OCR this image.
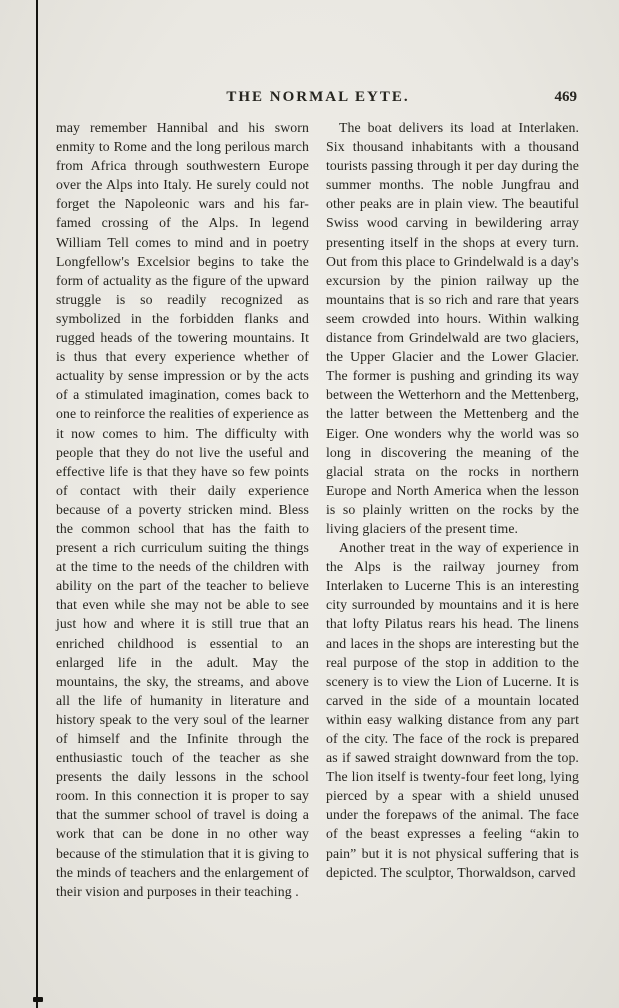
THE NORMAL EYTE.	469

may remember Hannibal and his sworn enmity to Rome and the long perilous march from Africa through southwestern Europe over the Alps into Italy. He surely could not forget the Napoleonic wars and his far-famed crossing of the Alps. In legend William Tell comes to mind and in poetry Longfellow's Excelsior begins to take the form of actuality as the figure of the upward struggle is so readily recognized as symbolized in the forbidden flanks and rugged heads of the towering mountains. It is thus that every experience whether of actuality by sense impression or by the acts of a stimulated imagination, comes back to one to reinforce the realities of experience as it now comes to him. The difficulty with people that they do not live the useful and effective life is that they have so few points of contact with their daily experience because of a poverty stricken mind. Bless the common school that has the faith to present a rich curriculum suiting the things at the time to the needs of the children with ability on the part of the teacher to believe that even while she may not be able to see just how and where it is still true that an enriched childhood is essential to an enlarged life in the adult. May the mountains, the sky, the streams, and above all the life of humanity in literature and history speak to the very soul of the learner of himself and the Infinite through the enthusiastic touch of the teacher as she presents the daily lessons in the school room. In this connection it is proper to say that the summer school of travel is doing a work that can be done in no other way because of the stimulation that it is giving to the minds of teachers and the enlargement of their vision and purposes in their teaching .

The boat delivers its load at Interlaken. Six thousand inhabitants with a thousand tourists passing through it per day during the summer months. The noble Jungfrau and other peaks are in plain view. The beautiful Swiss wood carving in bewildering array presenting itself in the shops at every turn. Out from this place to Grindelwald is a day's excursion by the pinion railway up the mountains that is so rich and rare that years seem crowded into hours. Within walking distance from Grindelwald are two glaciers, the Upper Glacier and the Lower Glacier. The former is pushing and grinding its way between the Wetterhorn and the Mettenberg, the latter between the Mettenberg and the Eiger. One wonders why the world was so long in discovering the meaning of the glacial strata on the rocks in northern Europe and North America when the lesson is so plainly written on the rocks by the living glaciers of the present time.

Another treat in the way of experience in the Alps is the railway journey from Interlaken to Lucerne This is an interesting city surrounded by mountains and it is here that lofty Pilatus rears his head. The linens and laces in the shops are interesting but the real purpose of the stop in addition to the scenery is to view the Lion of Lucerne. It is carved in the side of a mountain located within easy walking distance from any part of the city. The face of the rock is prepared as if sawed straight downward from the top. The lion itself is twenty-four feet long, lying pierced by a spear with a shield unused under the forepaws of the animal. The face of the beast expresses a feeling “akin to pain” but it is not physical suffering that is depicted. The sculptor, Thorwaldson, carved
